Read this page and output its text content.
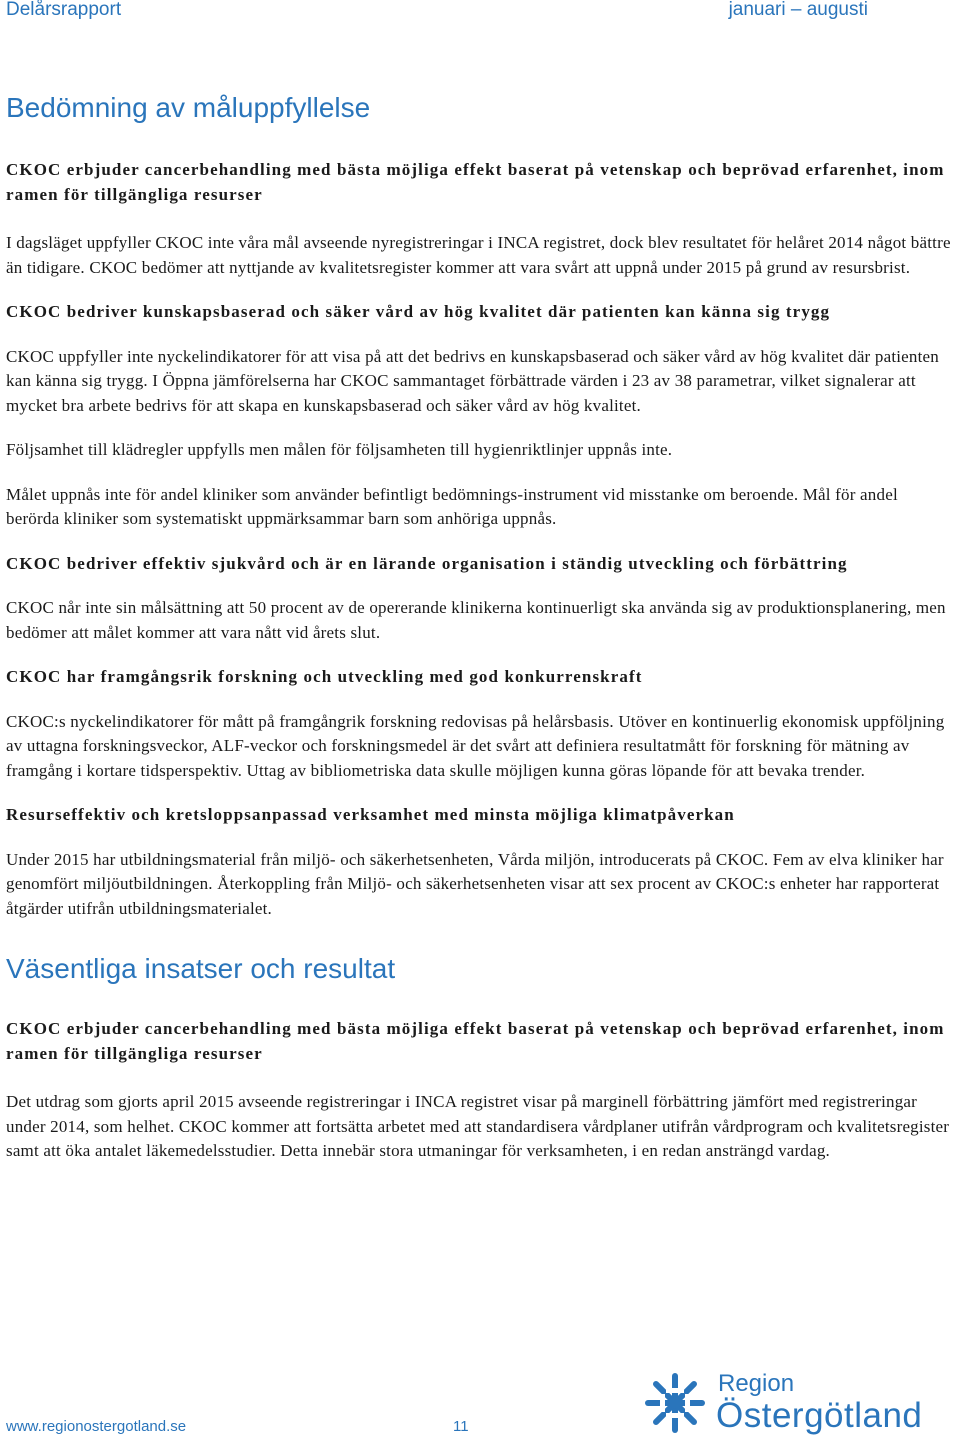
Delårsrapport	januari – augusti
Bedömning av måluppfyllelse
CKOC erbjuder cancerbehandling med bästa möjliga effekt baserat på vetenskap och beprövad erfarenhet, inom ramen för tillgängliga resurser

I dagsläget uppfyller CKOC inte våra mål avseende nyregistreringar i INCA registret, dock blev resultatet för helåret 2014 något bättre än tidigare. CKOC bedömer att nyttjande av kvalitetsregister kommer att vara svårt att uppnå under 2015 på grund av resursbrist.

CKOC bedriver kunskapsbaserad och säker vård av hög kvalitet där patienten kan känna sig trygg

CKOC uppfyller inte nyckelindikatorer för att visa på att det bedrivs en kunskapsbaserad och säker vård av hög kvalitet där patienten kan känna sig trygg. I Öppna jämförelserna har CKOC sammantaget förbättrade värden i 23 av 38 parametrar, vilket signalerar att mycket bra arbete bedrivs för att skapa en kunskapsbaserad och säker vård av hög kvalitet.

Följsamhet till klädregler uppfylls men målen för följsamheten till hygienriktlinjer uppnås inte.

Målet uppnås inte för andel kliniker som använder befintligt bedömnings-instrument vid misstanke om beroende. Mål för andel berörda kliniker som systematiskt uppmärksammar barn som anhöriga uppnås.

CKOC bedriver effektiv sjukvård och är en lärande organisation i ständig utveckling och förbättring

CKOC når inte sin målsättning att 50 procent av de opererande klinikerna kontinuerligt ska använda sig av produktionsplanering, men bedömer att målet kommer att vara nått vid årets slut.

CKOC har framgångsrik forskning och utveckling med god konkurrenskraft

CKOC:s nyckelindikatorer för mått på framgångrik forskning redovisas på helårsbasis. Utöver en kontinuerlig ekonomisk uppföljning av uttagna forskningsveckor, ALF-veckor och forskningsmedel är det svårt att definiera resultatmått för forskning för mätning av framgång i kortare tidsperspektiv. Uttag av bibliometriska data skulle möjligen kunna göras löpande för att bevaka trender.

Resurseffektiv och kretsloppsanpassad verksamhet med minsta möjliga klimatpåverkan

Under 2015 har utbildningsmaterial från miljö- och säkerhetsenheten, Vårda miljön, introducerats på CKOC. Fem av elva kliniker har genomfört miljöutbildningen. Återkoppling från Miljö- och säkerhetsenheten visar att sex procent av CKOC:s enheter har rapporterat åtgärder utifrån utbildningsmaterialet.

Väsentliga insatser och resultat
CKOC erbjuder cancerbehandling med bästa möjliga effekt baserat på vetenskap och beprövad erfarenhet, inom ramen för tillgängliga resurser

Det utdrag som gjorts april 2015 avseende registreringar i INCA registret visar på marginell förbättring jämfört med registreringar under 2014, som helhet. CKOC kommer att fortsätta arbetet med att standardisera vårdplaner utifrån vårdprogram och kvalitetsregister samt att öka antalet läkemedelsstudier. Detta innebär stora utmaningar för verksamheten, i en redan ansträngd vardag.

www.regionostergotland.se	11
Region
Östergötland
